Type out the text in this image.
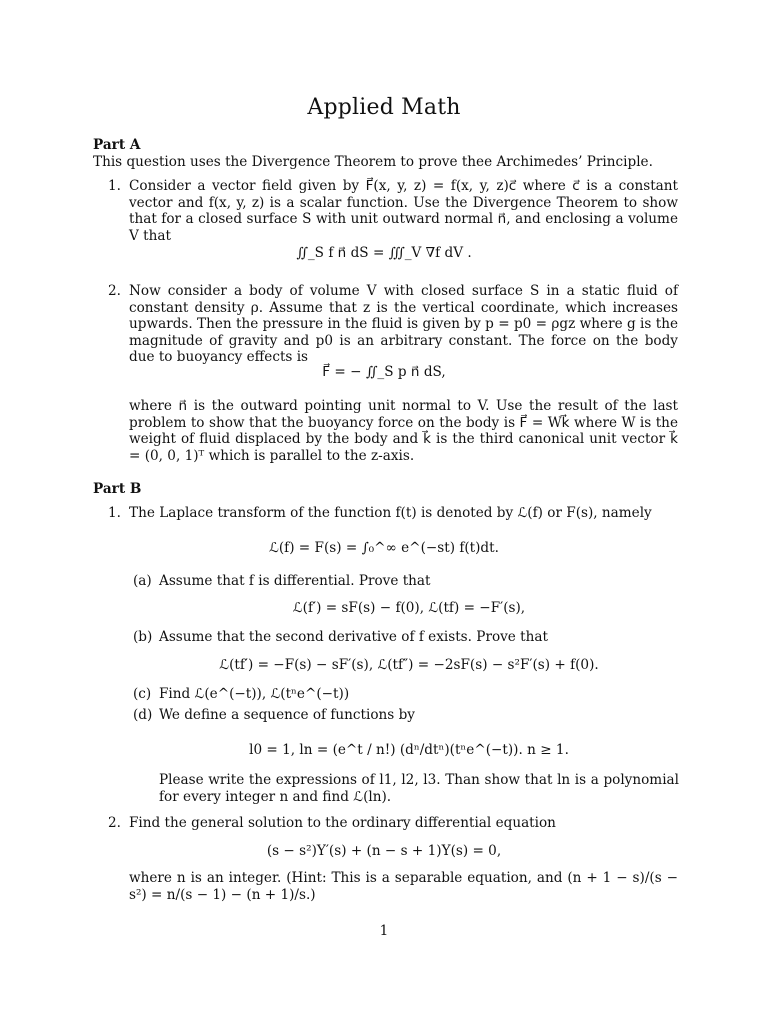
Applied Math
Part A
This question uses the Divergence Theorem to prove thee Archimedes’ Principle.
1. Consider a vector field given by F⃗(x, y, z) = f(x, y, z)c⃗ where c⃗ is a constant vector and f(x, y, z) is a scalar function. Use the Divergence Theorem to show that for a closed surface S with unit outward normal n⃗, and enclosing a volume V that
∬_S f n⃗ dS = ∭_V ∇f dV .
2. Now consider a body of volume V with closed surface S in a static fluid of constant density ρ. Assume that z is the vertical coordinate, which increases upwards. Then the pressure in the fluid is given by p = p0 = ρgz where g is the magnitude of gravity and p0 is an arbitrary constant. The force on the body due to buoyancy effects is
F⃗ = − ∬_S p n⃗ dS,
where n⃗ is the outward pointing unit normal to V. Use the result of the last problem to show that the buoyancy force on the body is F⃗ = Wk⃗ where W is the weight of fluid displaced by the body and k⃗ is the third canonical unit vector k⃗ = (0, 0, 1)ᵀ which is parallel to the z-axis.
Part B
1. The Laplace transform of the function f(t) is denoted by ℒ(f) or F(s), namely
ℒ(f) = F(s) = ∫₀^∞ e^(−st) f(t)dt.
(a) Assume that f is differential. Prove that
ℒ(f′) = sF(s) − f(0), ℒ(tf) = −F′(s),
(b) Assume that the second derivative of f exists. Prove that
ℒ(tf′) = −F(s) − sF′(s), ℒ(tf″) = −2sF(s) − s²F′(s) + f(0).
(c) Find ℒ(e^(−t)), ℒ(tⁿe^(−t))
(d) We define a sequence of functions by
l0 = 1, ln = (e^t / n!) (dⁿ/dtⁿ)(tⁿe^(−t)). n ≥ 1.
Please write the expressions of l1, l2, l3. Than show that ln is a polynomial for every integer n and find ℒ(ln).
2. Find the general solution to the ordinary differential equation
(s − s²)Y′(s) + (n − s + 1)Y(s) = 0,
where n is an integer. (Hint: This is a separable equation, and (n + 1 − s)/(s − s²) = n/(s − 1) − (n + 1)/s.)
1
